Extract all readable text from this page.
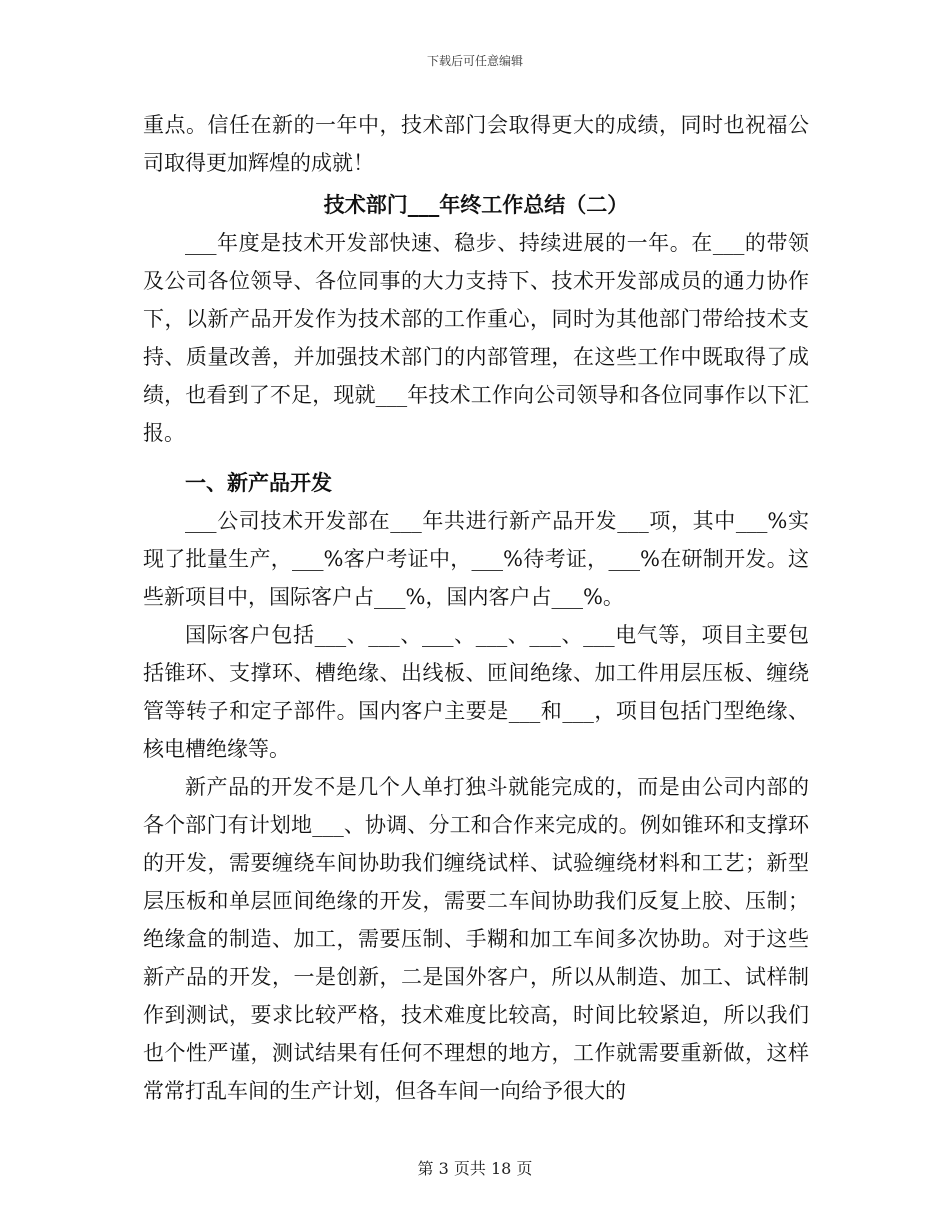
下载后可任意编辑

重点。信任在新的一年中，技术部门会取得更大的成绩，同时也祝福公司取得更加辉煌的成就！

技术部门___年终工作总结（二）

___年度是技术开发部快速、稳步、持续进展的一年。在___的带领及公司各位领导、各位同事的大力支持下、技术开发部成员的通力协作下，以新产品开发作为技术部的工作重心，同时为其他部门带给技术支持、质量改善，并加强技术部门的内部管理，在这些工作中既取得了成绩，也看到了不足，现就___年技术工作向公司领导和各位同事作以下汇报。

一、新产品开发

___公司技术开发部在___年共进行新产品开发___项，其中___%实现了批量生产，___%客户考证中，___%待考证，___%在研制开发。这些新项目中，国际客户占___%，国内客户占___%。

国际客户包括___、___、___、___、___、___电气等，项目主要包括锥环、支撑环、槽绝缘、出线板、匝间绝缘、加工件用层压板、缠绕管等转子和定子部件。国内客户主要是___和___，项目包括门型绝缘、核电槽绝缘等。

新产品的开发不是几个人单打独斗就能完成的，而是由公司内部的各个部门有计划地___、协调、分工和合作来完成的。例如锥环和支撑环的开发，需要缠绕车间协助我们缠绕试样、试验缠绕材料和工艺；新型层压板和单层匝间绝缘的开发，需要二车间协助我们反复上胶、压制；绝缘盒的制造、加工，需要压制、手糊和加工车间多次协助。对于这些新产品的开发，一是创新，二是国外客户，所以从制造、加工、试样制作到测试，要求比较严格，技术难度比较高，时间比较紧迫，所以我们也个性严谨，测试结果有任何不理想的地方，工作就需要重新做，这样常常打乱车间的生产计划，但各车间一向给予很大的

第 3 页共 18 页
